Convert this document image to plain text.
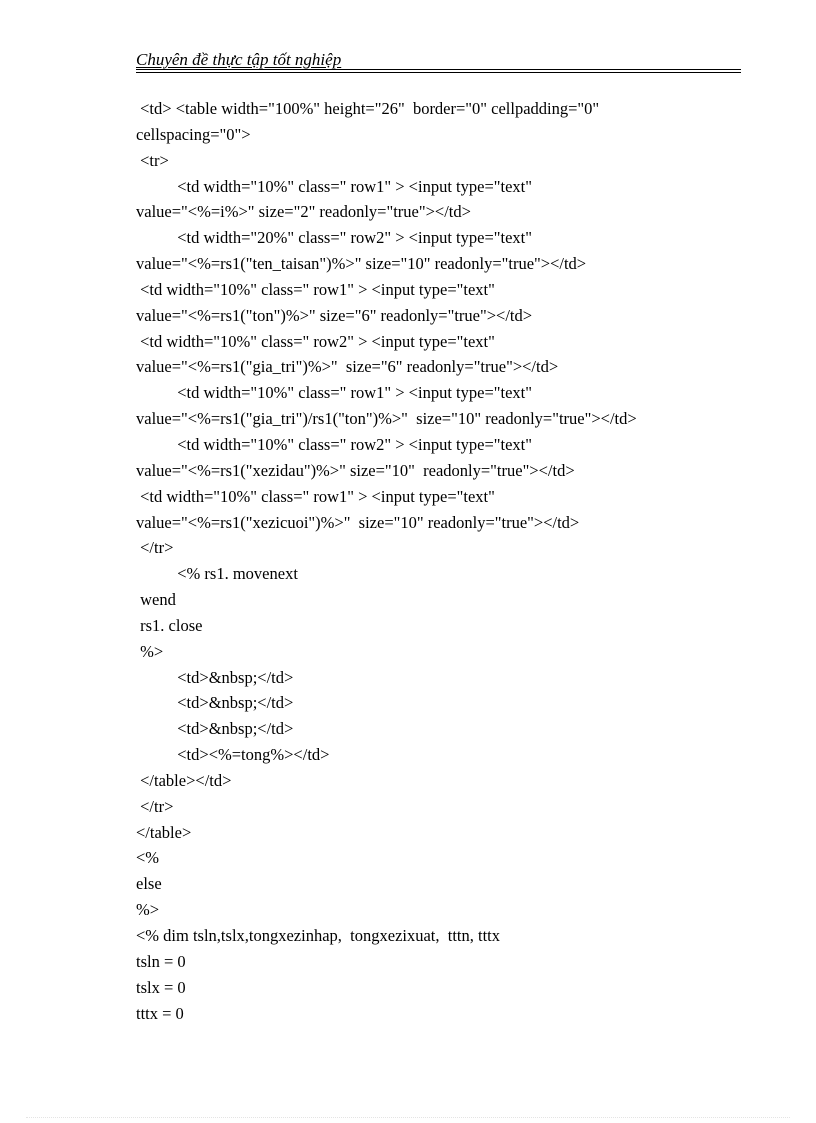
Chuyên đề thực tập tốt nghiệp
<td> <table width="100%" height="26"  border="0" cellpadding="0"
cellspacing="0">
<tr>
<td width="10%" class=" row1" > <input type="text"
value="<%=i%>" size="2" readonly="true"></td>
<td width="20%" class=" row2" > <input type="text"
value="<%=rs1("ten_taisan")%>" size="10" readonly="true"></td>
<td width="10%" class=" row1" > <input type="text"
value="<%=rs1("ton")%>" size="6" readonly="true"></td>
<td width="10%" class=" row2" > <input type="text"
value="<%=rs1("gia_tri")%>"  size="6" readonly="true"></td>
<td width="10%" class=" row1" > <input type="text"
value="<%=rs1("gia_tri")/rs1("ton")%>"  size="10" readonly="true"></td>
<td width="10%" class=" row2" > <input type="text"
value="<%=rs1("xezidau")%>" size="10"  readonly="true"></td>
<td width="10%" class=" row1" > <input type="text"
value="<%=rs1("xezicuoi")%>"  size="10" readonly="true"></td>
</tr>
<% rs1. movenext
wend
rs1. close
%>
<td>&nbsp;</td>
<td>&nbsp;</td>
<td>&nbsp;</td>
<td><%=tong%></td>
</table></td>
</tr>
</table>
<%
else
%>
<% dim tsln,tslx,tongxezinhap,  tongxezixuat,  tttn, tttx
tsln = 0
tslx = 0
tttx = 0
